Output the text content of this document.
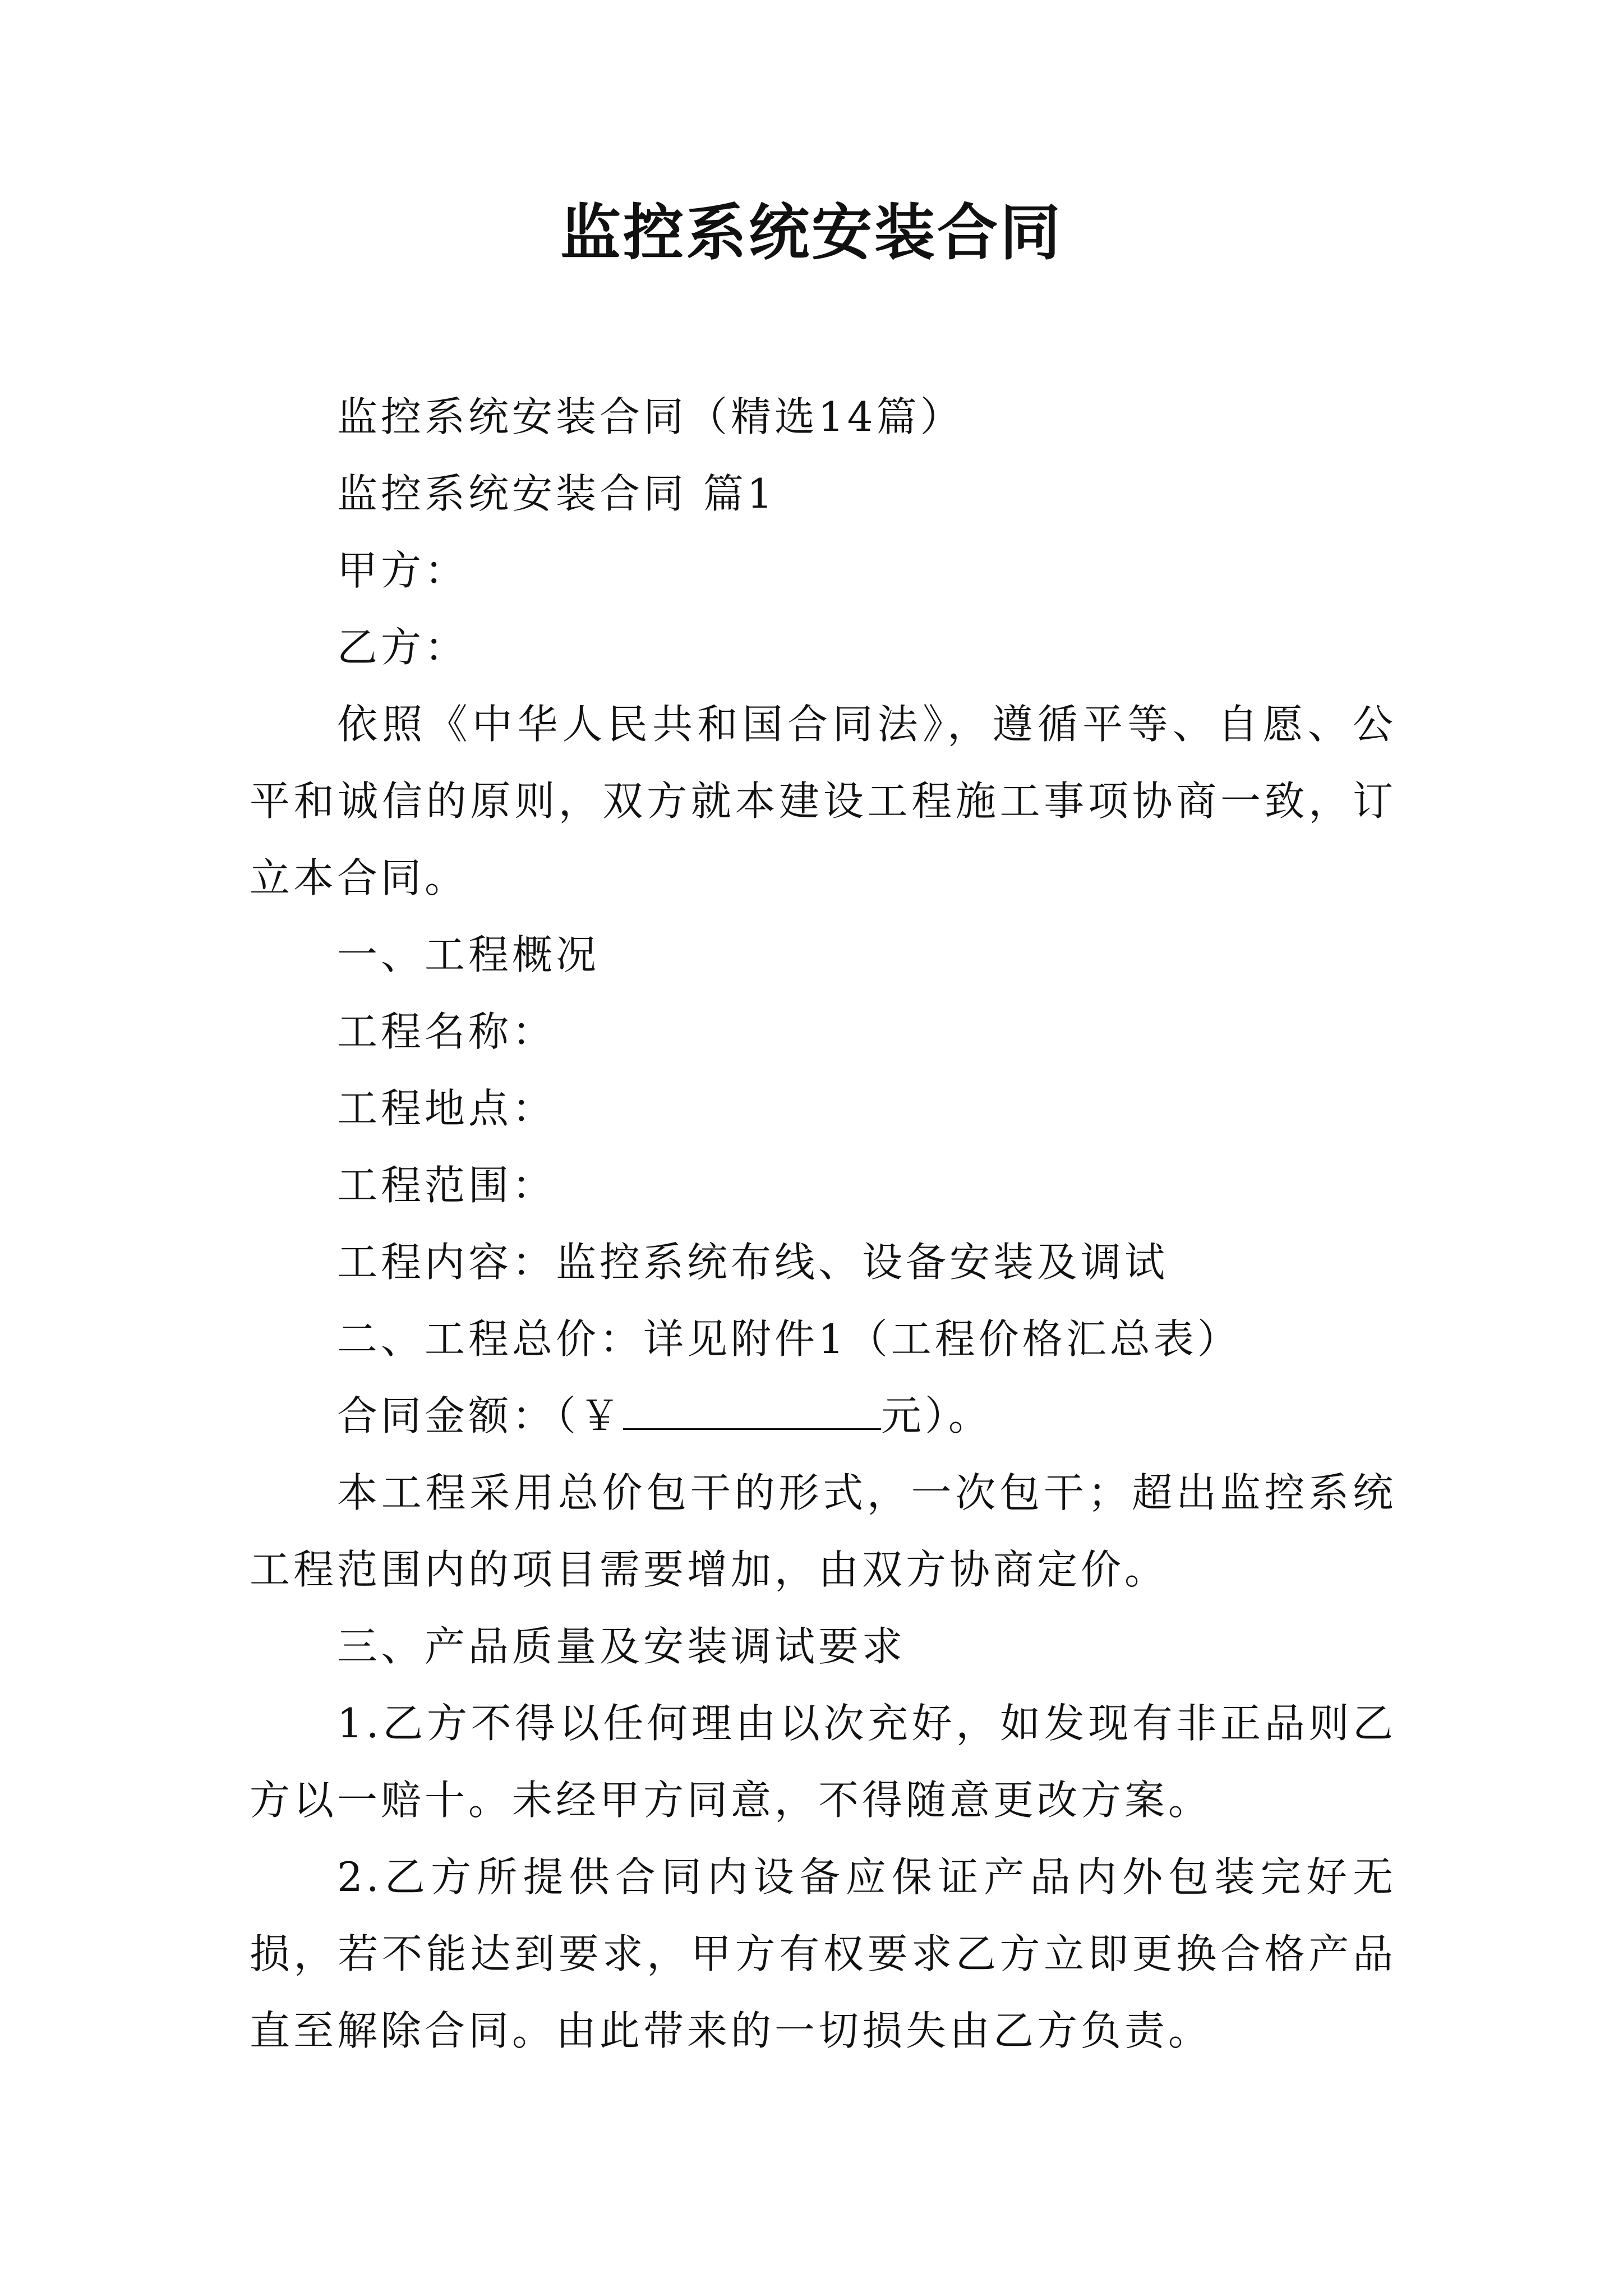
监控系统安装合同

监控系统安装合同（精选14篇）

监控系统安装合同 篇1

甲方：

乙方：

依照《中华人民共和国合同法》，遵循平等、自愿、公平和诚信的原则，双方就本建设工程施工事项协商一致，订立本合同。

一、工程概况

工程名称：

工程地点：

工程范围：

工程内容：监控系统布线、设备安装及调试

二、工程总价：详见附件1（工程价格汇总表）

合同金额：（￥	元）。

本工程采用总价包干的形式，一次包干；超出监控系统工程范围内的项目需要增加，由双方协商定价。

三、产品质量及安装调试要求

1.乙方不得以任何理由以次充好，如发现有非正品则乙方以一赔十。未经甲方同意，不得随意更改方案。

2.乙方所提供合同内设备应保证产品内外包装完好无损，若不能达到要求，甲方有权要求乙方立即更换合格产品直至解除合同。由此带来的一切损失由乙方负责。
